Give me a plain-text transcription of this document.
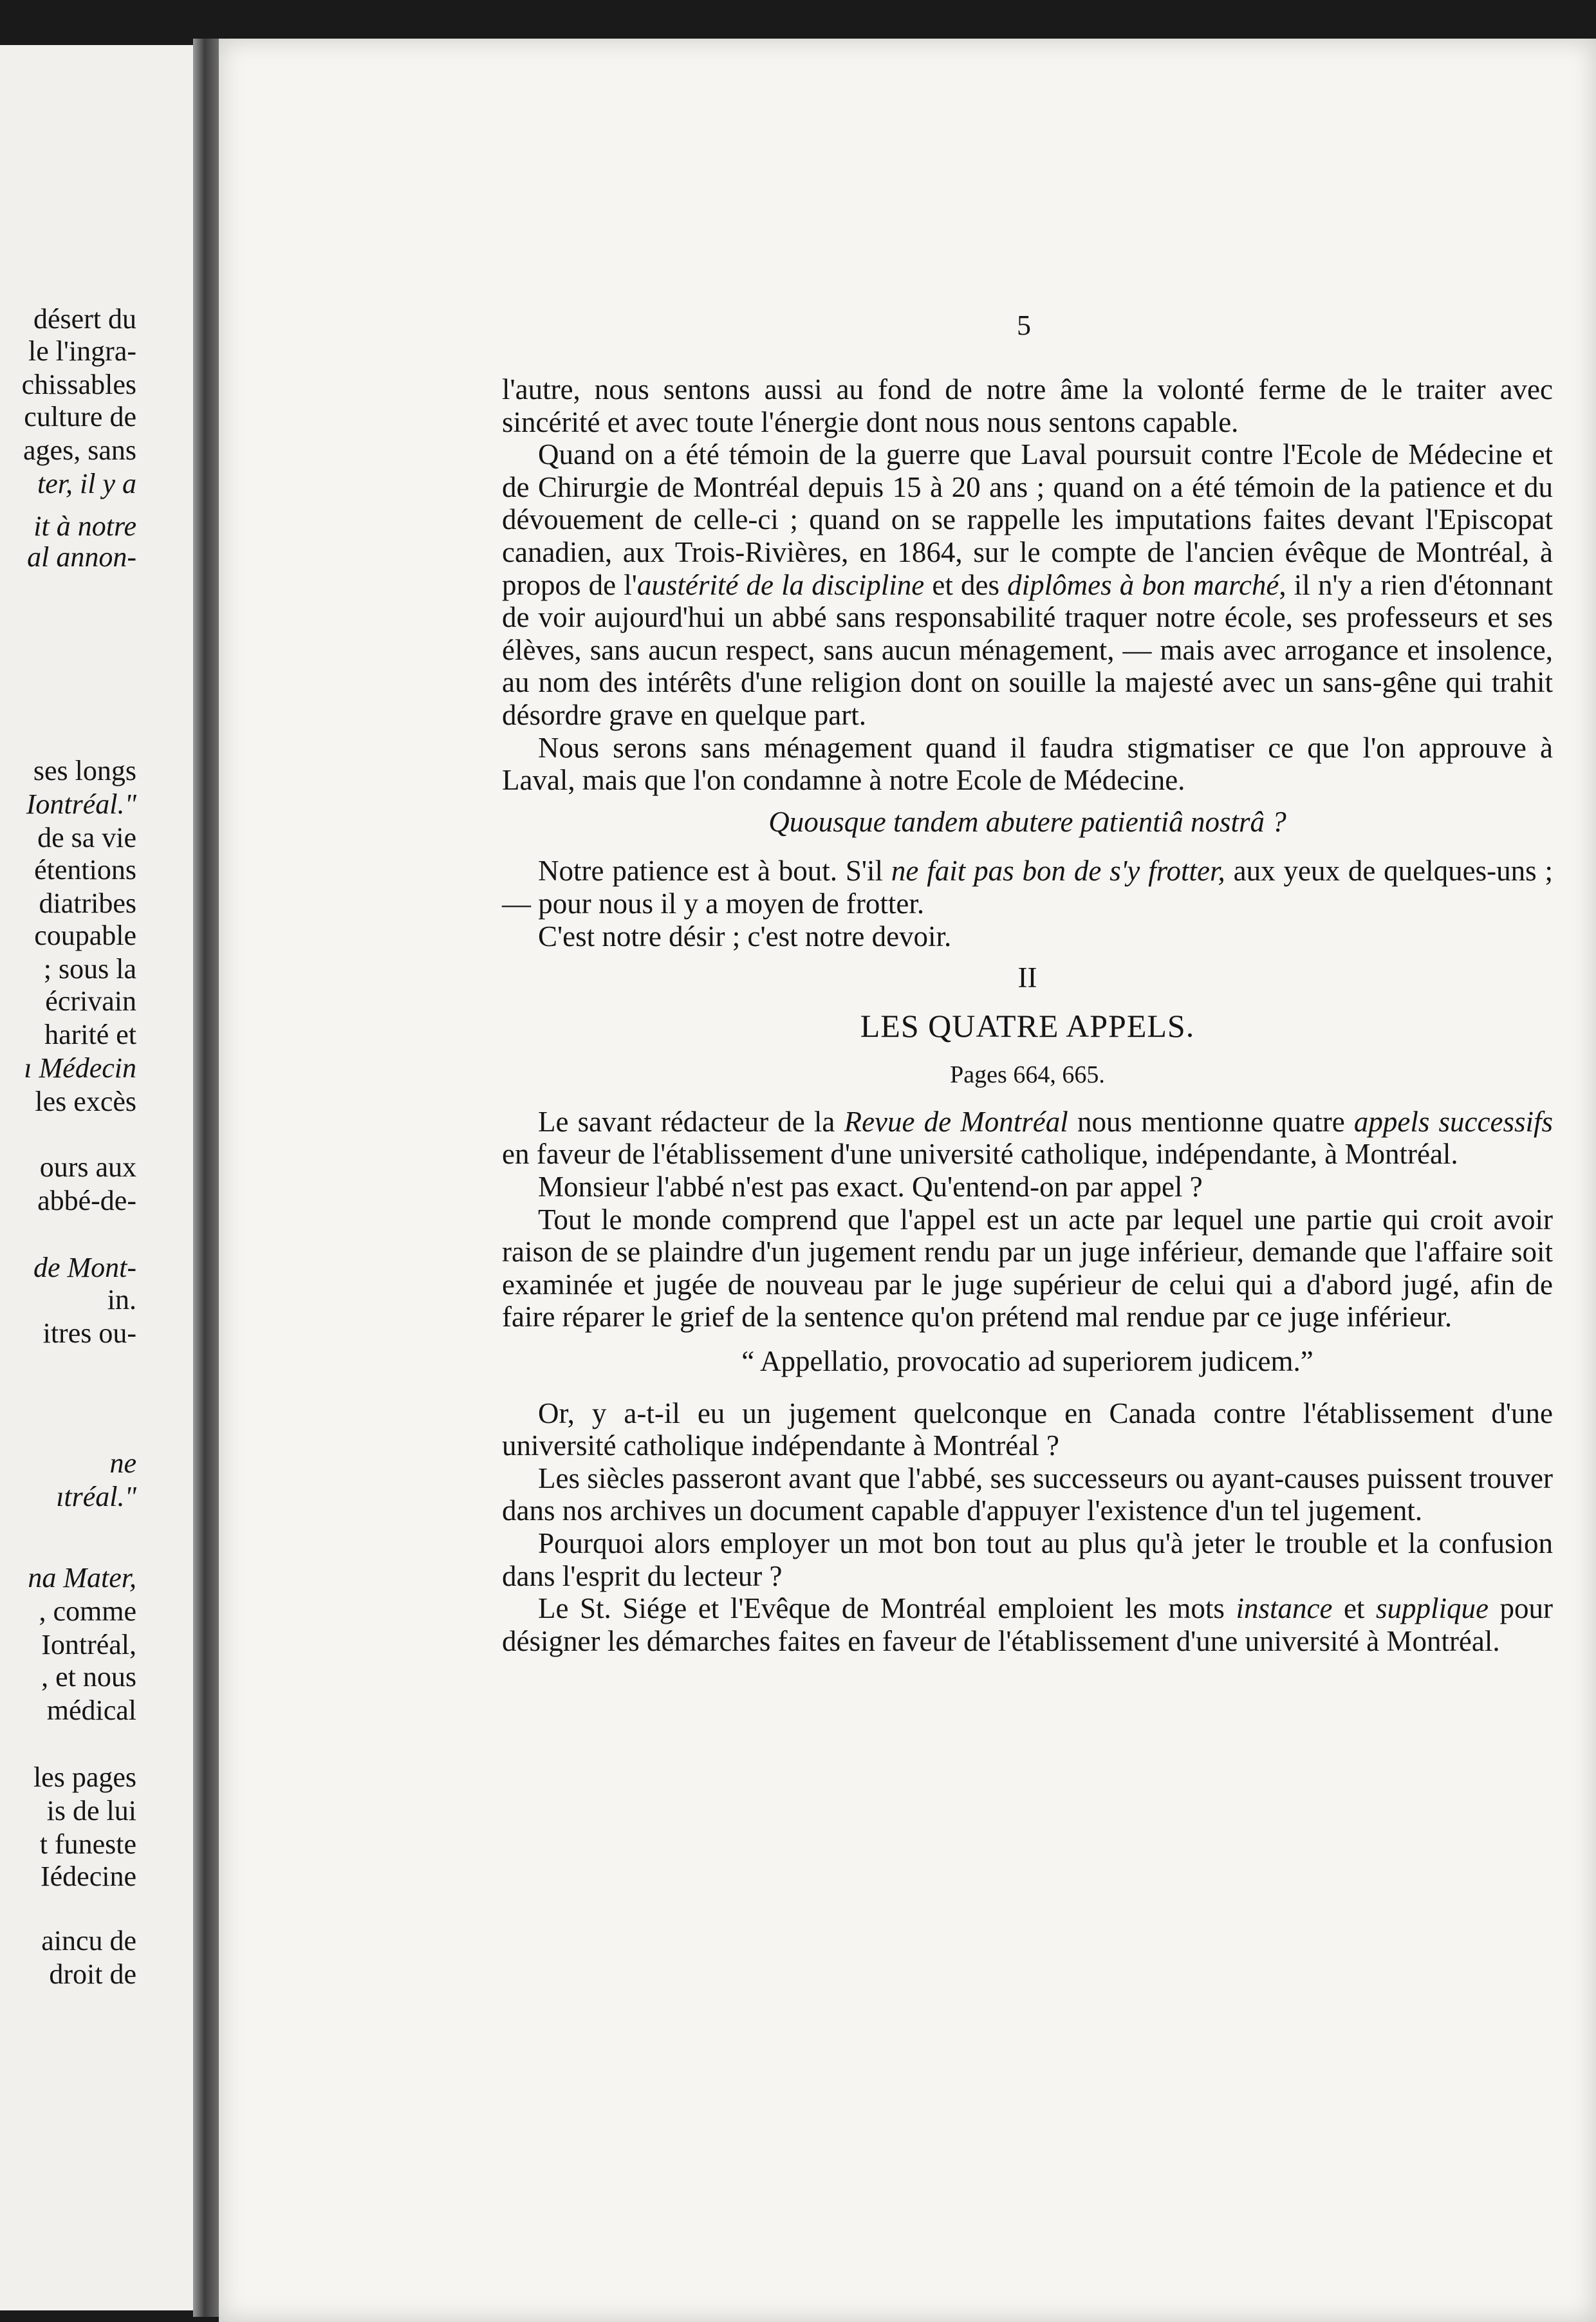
désert du
le l'ingra-
chissables
culture de
ages, sans
ter, il y a
it à notre
al annon-
ses longs
Iontréal."
de sa vie
étentions
diatribes
coupable
; sous la
écrivain
harité et
ı Médecin
les excès
ours aux
abbé-de-
de Mont-
in.
itres ou-
ne
ıtréal."
na Mater,
, comme
Iontréal,
, et nous
médical
les pages
is de lui
t funeste
Iédecine
aincu de
droit de
5

l'autre, nous sentons aussi au fond de notre âme la volonté ferme de le traiter avec sincérité et avec toute l'énergie dont nous nous sentons capable.

Quand on a été témoin de la guerre que Laval poursuit contre l'Ecole de Médecine et de Chirurgie de Montréal depuis 15 à 20 ans ; quand on a été témoin de la patience et du dévouement de celle-ci ; quand on se rappelle les imputations faites devant l'Episcopat canadien, aux Trois-Rivières, en 1864, sur le compte de l'ancien évêque de Montréal, à propos de l'austérité de la discipline et des diplômes à bon marché, il n'y a rien d'étonnant de voir aujourd'hui un abbé sans responsabilité traquer notre école, ses professeurs et ses élèves, sans aucun respect, sans aucun ménagement, — mais avec arrogance et insolence, au nom des intérêts d'une religion dont on souille la majesté avec un sans-gêne qui trahit désordre grave en quelque part.

Nous serons sans ménagement quand il faudra stigmatiser ce que l'on approuve à Laval, mais que l'on condamne à notre Ecole de Médecine.

Quousque tandem abutere patientiâ nostrâ ?

Notre patience est à bout. S'il ne fait pas bon de s'y frotter, aux yeux de quelques-uns ; — pour nous il y a moyen de frotter.

C'est notre désir ; c'est notre devoir.

II

LES QUATRE APPELS.

Pages 664, 665.

Le savant rédacteur de la Revue de Montréal nous mentionne quatre appels successifs en faveur de l'établissement d'une université catholique, indépendante, à Montréal.

Monsieur l'abbé n'est pas exact. Qu'entend-on par appel ?

Tout le monde comprend que l'appel est un acte par lequel une partie qui croit avoir raison de se plaindre d'un jugement rendu par un juge inférieur, demande que l'affaire soit examinée et jugée de nouveau par le juge supérieur de celui qui a d'abord jugé, afin de faire réparer le grief de la sentence qu'on prétend mal rendue par ce juge inférieur.

“ Appellatio, provocatio ad superiorem judicem.”

Or, y a-t-il eu un jugement quelconque en Canada contre l'établissement d'une université catholique indépendante à Montréal ?

Les siècles passeront avant que l'abbé, ses successeurs ou ayant-causes puissent trouver dans nos archives un document capable d'appuyer l'existence d'un tel jugement.

Pourquoi alors employer un mot bon tout au plus qu'à jeter le trouble et la confusion dans l'esprit du lecteur ?

Le St. Siége et l'Evêque de Montréal emploient les mots instance et supplique pour désigner les démarches faites en faveur de l'établissement d'une université à Montréal.
